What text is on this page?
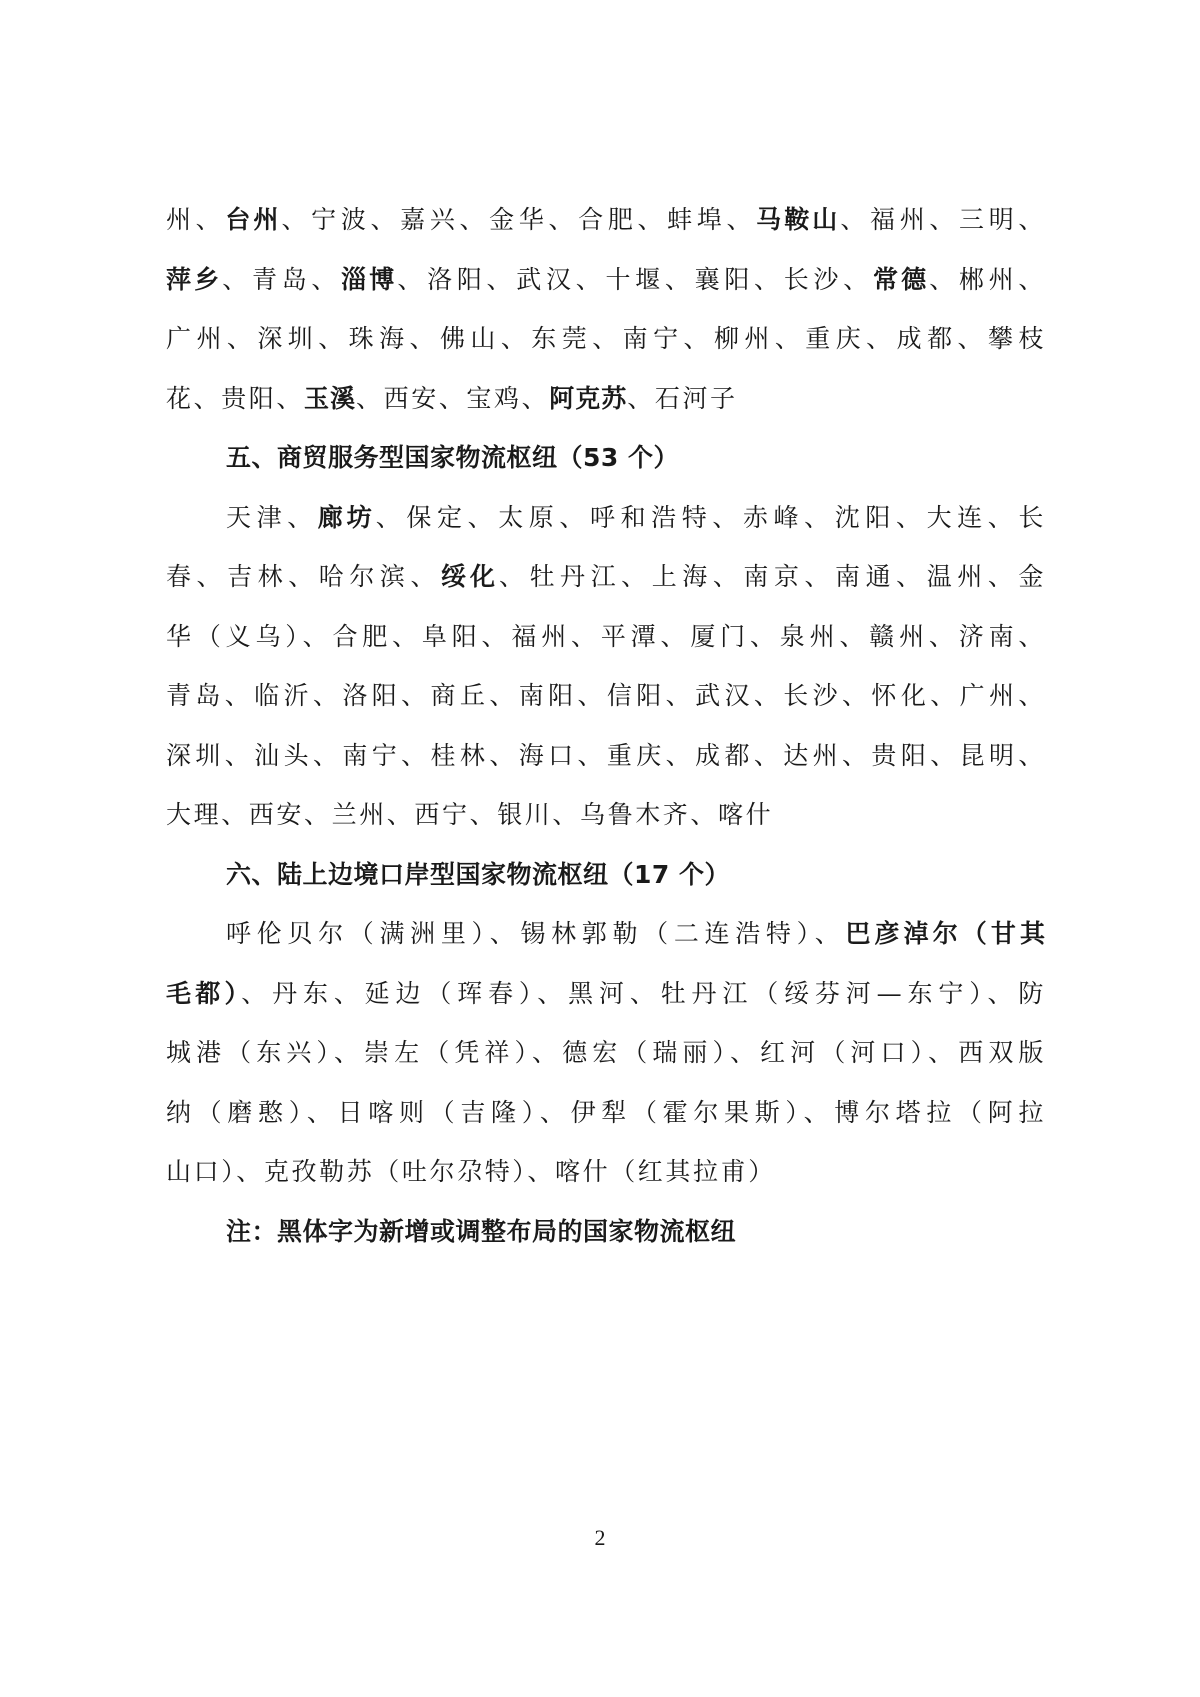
州、台州、宁波、嘉兴、金华、合肥、蚌埠、马鞍山、福州、三明、
萍乡、青岛、淄博、洛阳、武汉、十堰、襄阳、长沙、常德、郴州、
广州、深圳、珠海、佛山、东莞、南宁、柳州、重庆、成都、攀枝
花、贵阳、 玉溪 、西安、宝鸡、 阿克苏 、石河子
五、商贸服务型国家物流枢纽（53 个）
天津、廊坊、保定、太原、呼和浩特、赤峰、沈阳、大连、长
春、吉林、哈尔滨、绥化、牡丹江、上海、南京、南通、温州、金
华（义乌）、合肥、阜阳、福州、平潭、厦门、泉州、赣州、济南、
青岛、临沂、洛阳、商丘、南阳、信阳、武汉、长沙、怀化、广州、
深圳、汕头、南宁、桂林、海口、重庆、成都、达州、贵阳、昆明、
大理、西安、兰州、西宁、银川、乌鲁木齐、喀什
六、陆上边境口岸型国家物流枢纽（17 个）
呼伦贝尔（满洲里）、锡林郭勒（二连浩特）、巴彦淖尔（甘其
毛都）、丹东、延边（珲春）、黑河、牡丹江（绥芬河—东宁）、防
城港（东兴）、崇左（凭祥）、德宏（瑞丽）、红河（河口）、西双版
纳（磨憨）、日喀则（吉隆）、伊犁（霍尔果斯）、博尔塔拉（阿拉
山口）、克孜勒苏（吐尔尕特）、喀什（红其拉甫）
注：黑体字为新增或调整布局的国家物流枢纽
2
